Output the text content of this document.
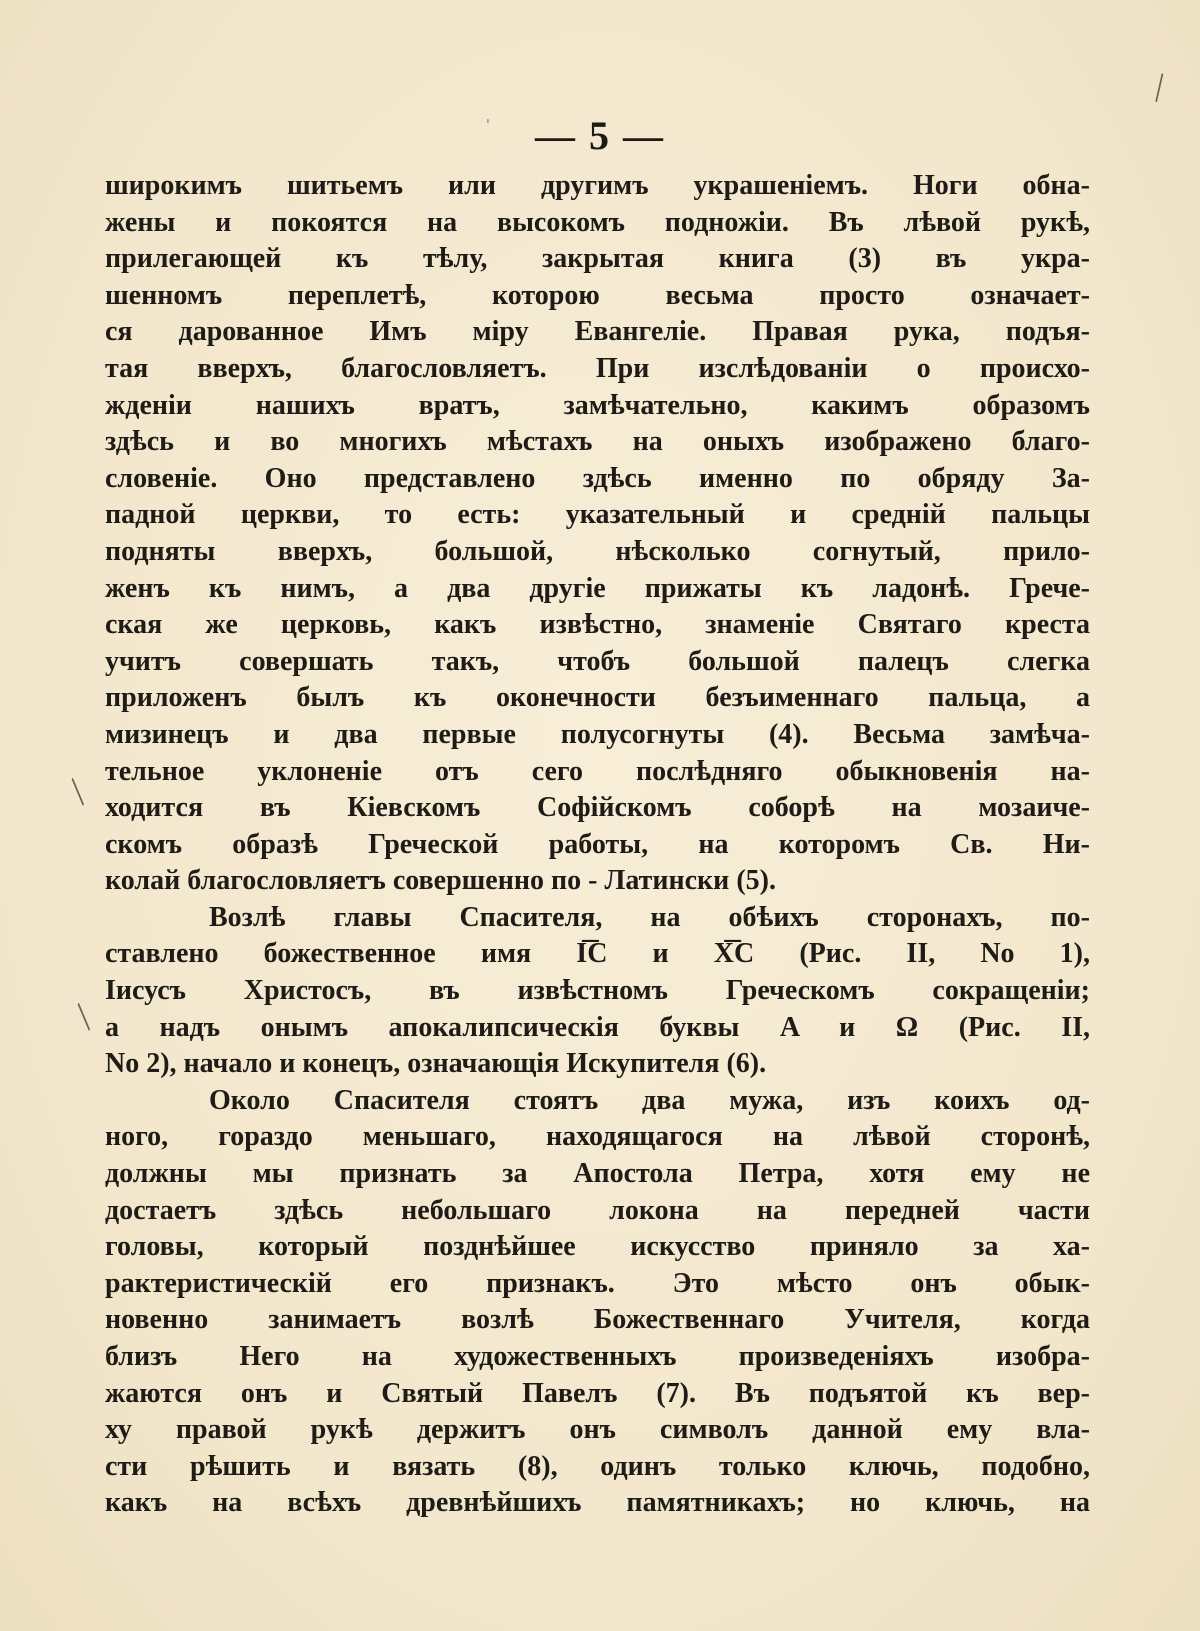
╲
ˈ
╱
╱
— 5 —
широкимъ шитьемъ или другимъ украшенiемъ. Ноги обна-
жены и покоятся на высокомъ подножiи. Въ лѣвой рукѣ,
прилегающей къ тѣлу, закрытая книга (3) въ укра-
шенномъ переплетѣ, которою весьма просто означает-
ся дарованное Имъ мiру Евангелiе. Правая рука, подъя-
тая вверхъ, благословляетъ. При изслѣдованiи о происхо-
жденiи нашихъ вратъ, замѣчательно, какимъ образомъ
здѣсь и во многихъ мѣстахъ на оныхъ изображено благо-
словенiе. Оно представлено здѣсь именно по обряду За-
падной церкви, то есть: указательный и среднiй пальцы
подняты вверхъ, большой, нѣсколько согнутый, прило-
женъ къ нимъ, а два другiе прижаты къ ладонѣ. Грече-
ская же церковь, какъ извѣстно, знаменiе Святаго креста
учитъ совершать такъ, чтобъ большой палецъ слегка
приложенъ былъ къ оконечности безъименнаго пальца, а
мизинецъ и два первые полусогнуты (4). Весьма замѣча-
тельное уклоненiе отъ сего послѣдняго обыкновенiя на-
ходится въ Кiевскомъ Софiйскомъ соборѣ на мозаиче-
скомъ образѣ Греческой работы, на которомъ Св. Ни-
колай благословляетъ совершенно по - Латински (5).
Возлѣ главы Спасителя, на обѣихъ сторонахъ, по-
ставлено божественное имя I͞C и X͞C (Рис. II, No 1),
Iисусъ Христосъ, въ извѣстномъ Греческомъ сокращенiи;
а надъ онымъ апокалипсическiя буквы A и Ω (Рис. II,
No 2), начало и конецъ, означающiя Искупителя (6).
Около Спасителя стоятъ два мужа, изъ коихъ од-
ного, гораздо меньшаго, находящагося на лѣвой сторонѣ,
должны мы признать за Апостола Петра, хотя ему не
достаетъ здѣсь небольшаго локона на передней части
головы, который позднѣйшее искусство приняло за ха-
рактеристическiй его признакъ. Это мѣсто онъ обык-
новенно занимаетъ возлѣ Божественнаго Учителя, когда
близъ Него на художественныхъ произведенiяхъ изобра-
жаются онъ и Святый Павелъ (7). Въ подъятой къ вер-
ху правой рукѣ держитъ онъ символъ данной ему вла-
сти рѣшить и вязать (8), одинъ только ключь, подобно,
какъ на всѣхъ древнѣйшихъ памятникахъ; но ключь, на
